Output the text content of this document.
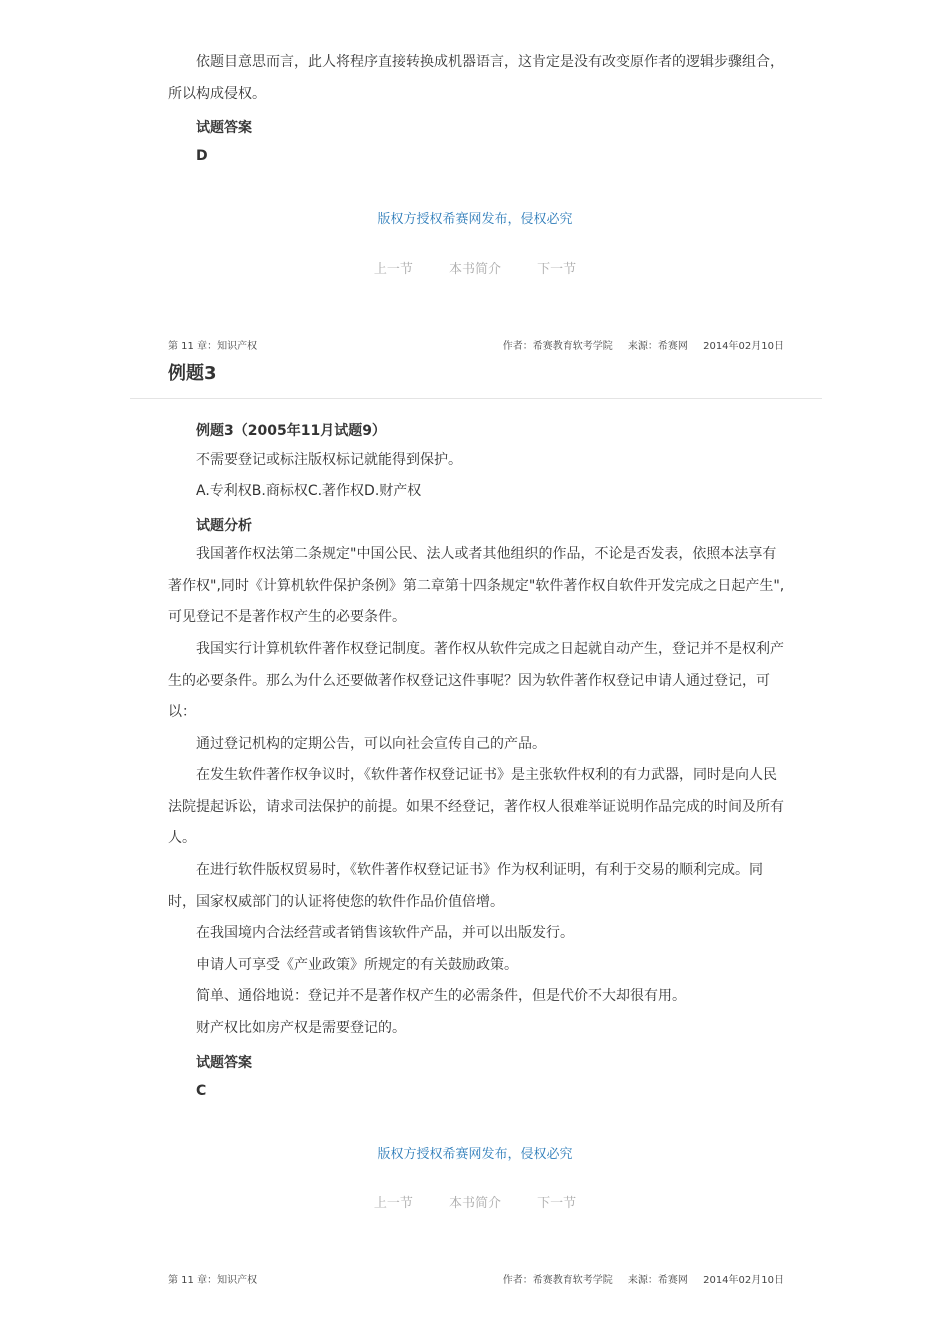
依题目意思而言，此人将程序直接转换成机器语言，这肯定是没有改变原作者的逻辑步骤组合，所以构成侵权。
试题答案
D
版权方授权希赛网发布，侵权必究
上一节	本书简介	下一节
第 11 章：知识产权	作者：希赛教育软考学院 来源：希赛网 2014年02月10日
例题3
例题3（2005年11月试题9）
不需要登记或标注版权标记就能得到保护。
A.专利权B.商标权C.著作权D.财产权
试题分析
我国著作权法第二条规定"中国公民、法人或者其他组织的作品，不论是否发表，依照本法享有著作权",同时《计算机软件保护条例》第二章第十四条规定"软件著作权自软件开发完成之日起产生",可见登记不是著作权产生的必要条件。
我国实行计算机软件著作权登记制度。著作权从软件完成之日起就自动产生，登记并不是权利产生的必要条件。那么为什么还要做著作权登记这件事呢？因为软件著作权登记申请人通过登记，可以：
通过登记机构的定期公告，可以向社会宣传自己的产品。
在发生软件著作权争议时，《软件著作权登记证书》是主张软件权利的有力武器，同时是向人民法院提起诉讼，请求司法保护的前提。如果不经登记，著作权人很难举证说明作品完成的时间及所有人。
在进行软件版权贸易时，《软件著作权登记证书》作为权利证明，有利于交易的顺利完成。同时，国家权威部门的认证将使您的软件作品价值倍增。
在我国境内合法经营或者销售该软件产品，并可以出版发行。
申请人可享受《产业政策》所规定的有关鼓励政策。
简单、通俗地说：登记并不是著作权产生的必需条件，但是代价不大却很有用。
财产权比如房产权是需要登记的。
试题答案
C
版权方授权希赛网发布，侵权必究
上一节	本书简介	下一节
第 11 章：知识产权	作者：希赛教育软考学院 来源：希赛网 2014年02月10日
